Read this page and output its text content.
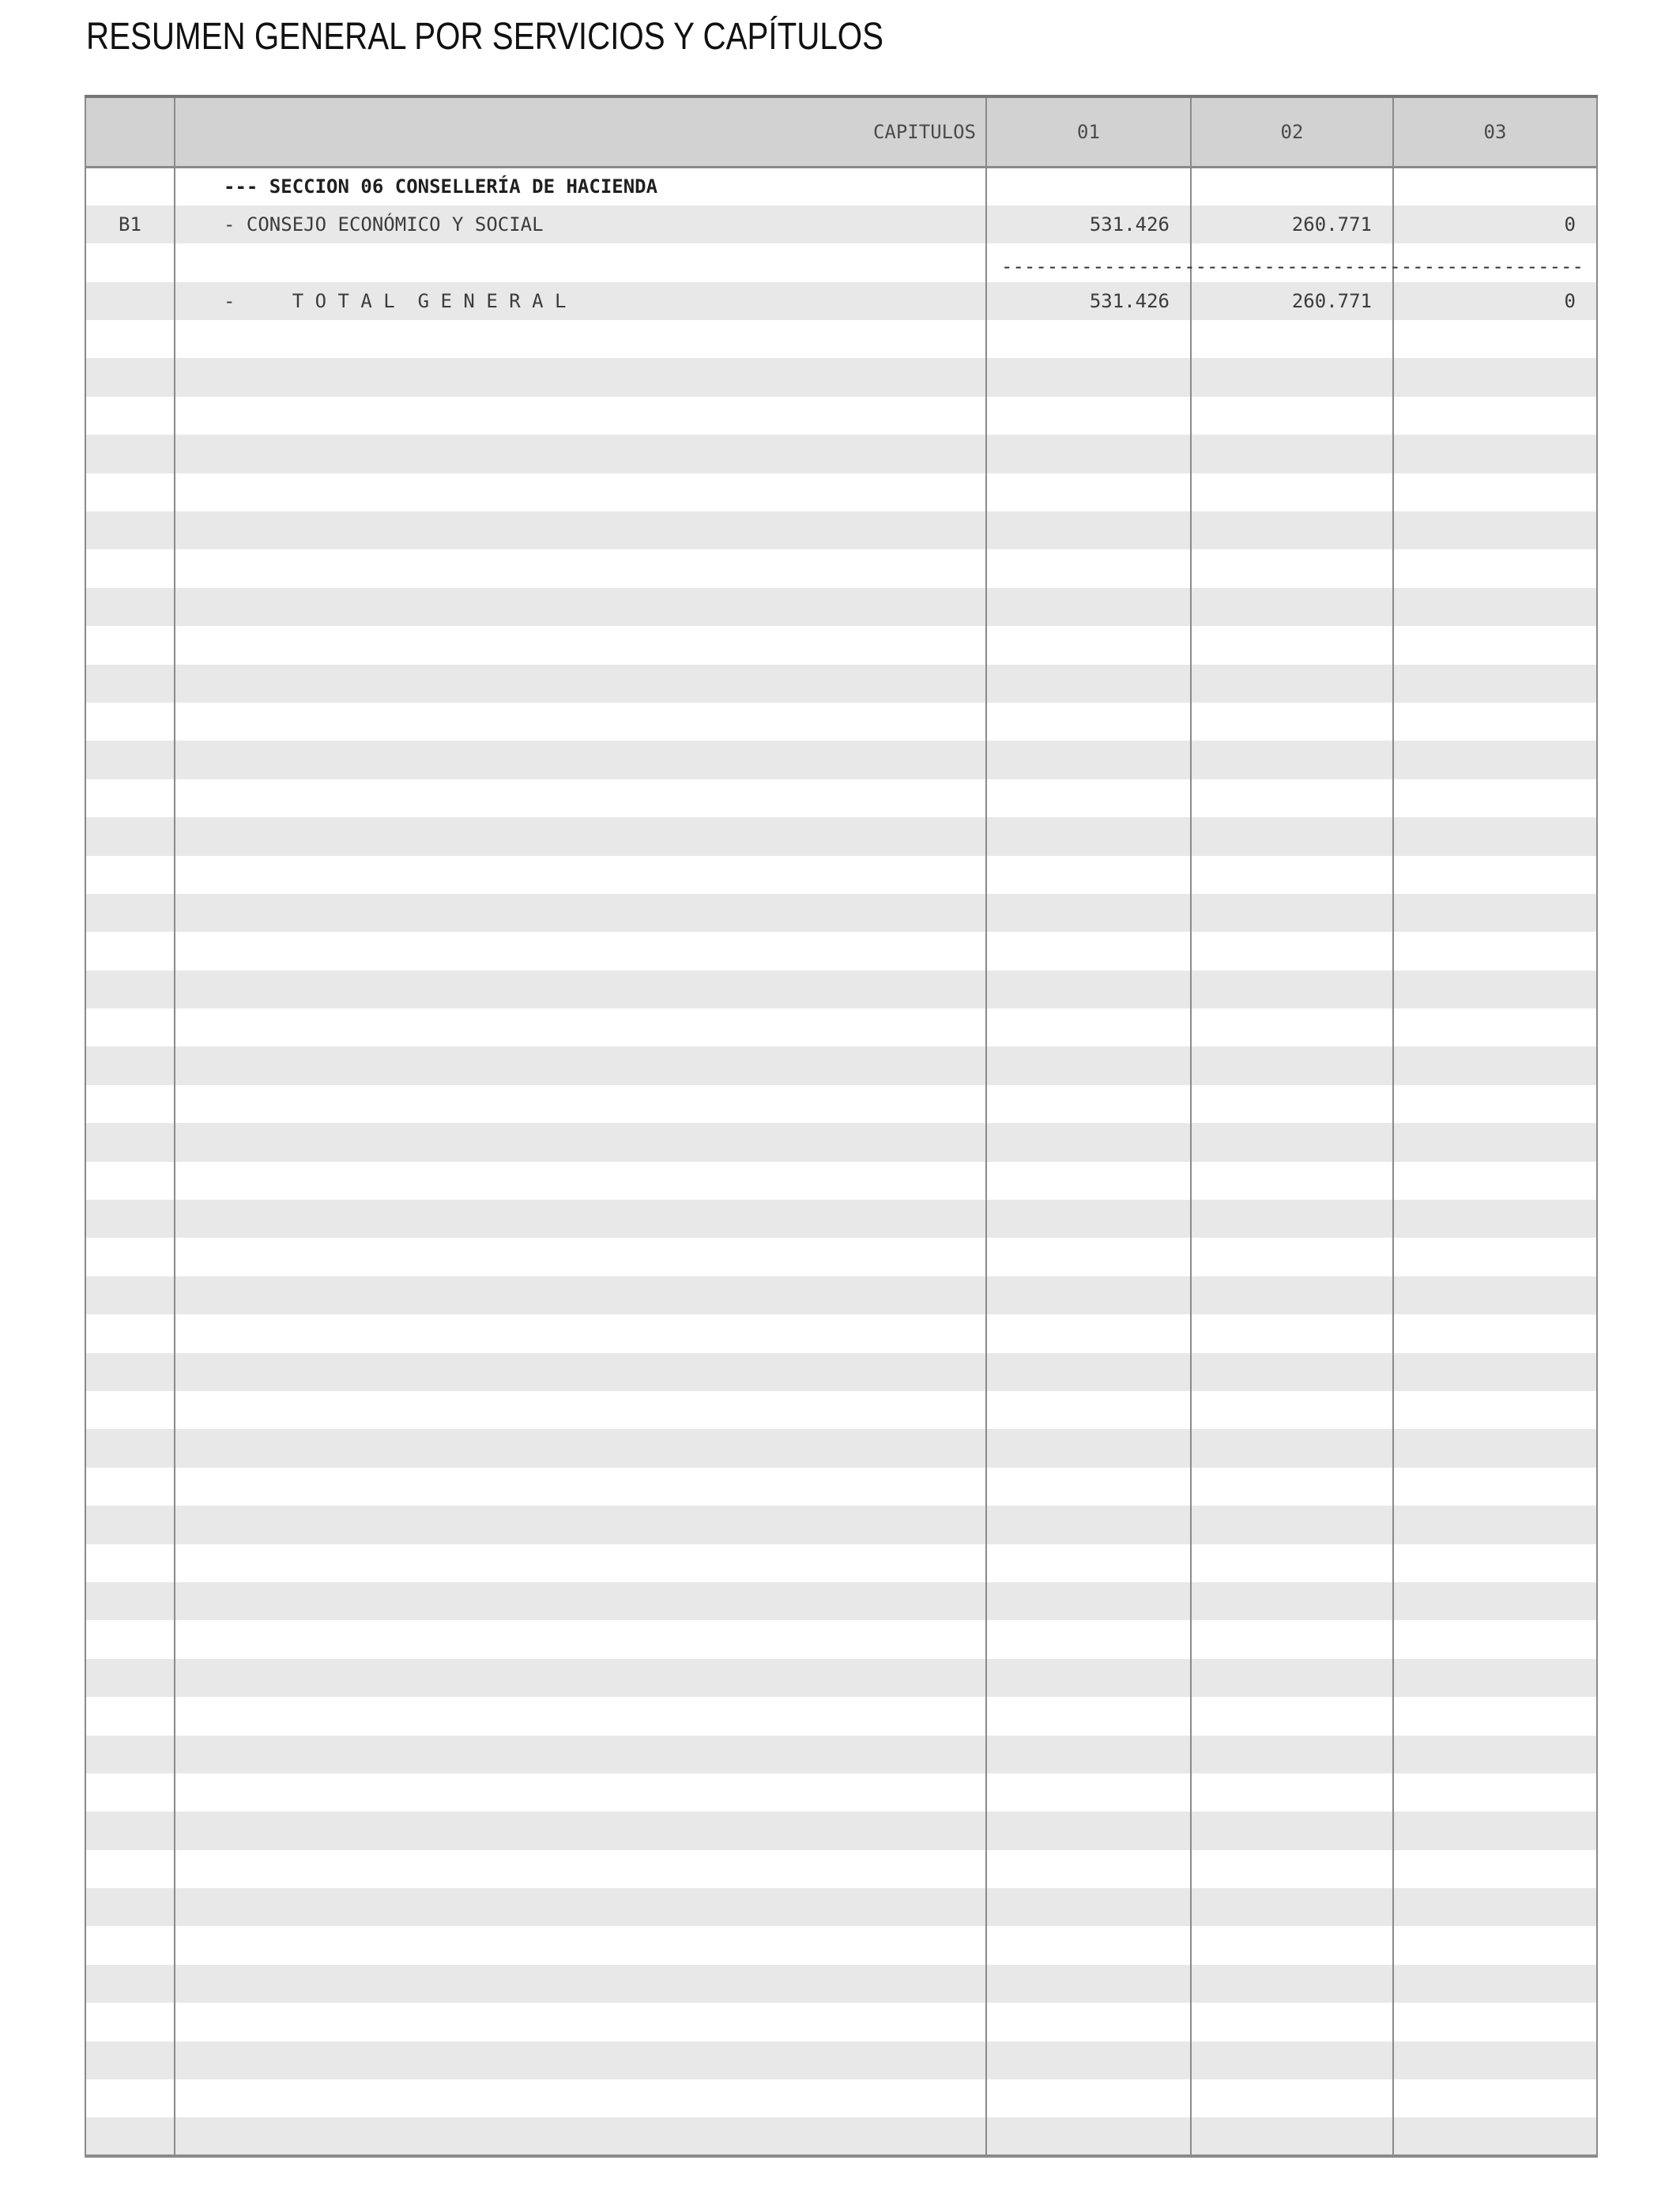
RESUMEN GENERAL POR SERVICIOS Y CAPÍTULOS
	CAPITULOS	01	02	03
	--- SECCION 06 CONSELLERÍA DE HACIENDA			
B1	- CONSEJO ECONÓMICO Y SOCIAL	531.426	260.771	0

	-     T O T A L  G E N E R A L	531.426	260.771	0

---------------------------------------------------
